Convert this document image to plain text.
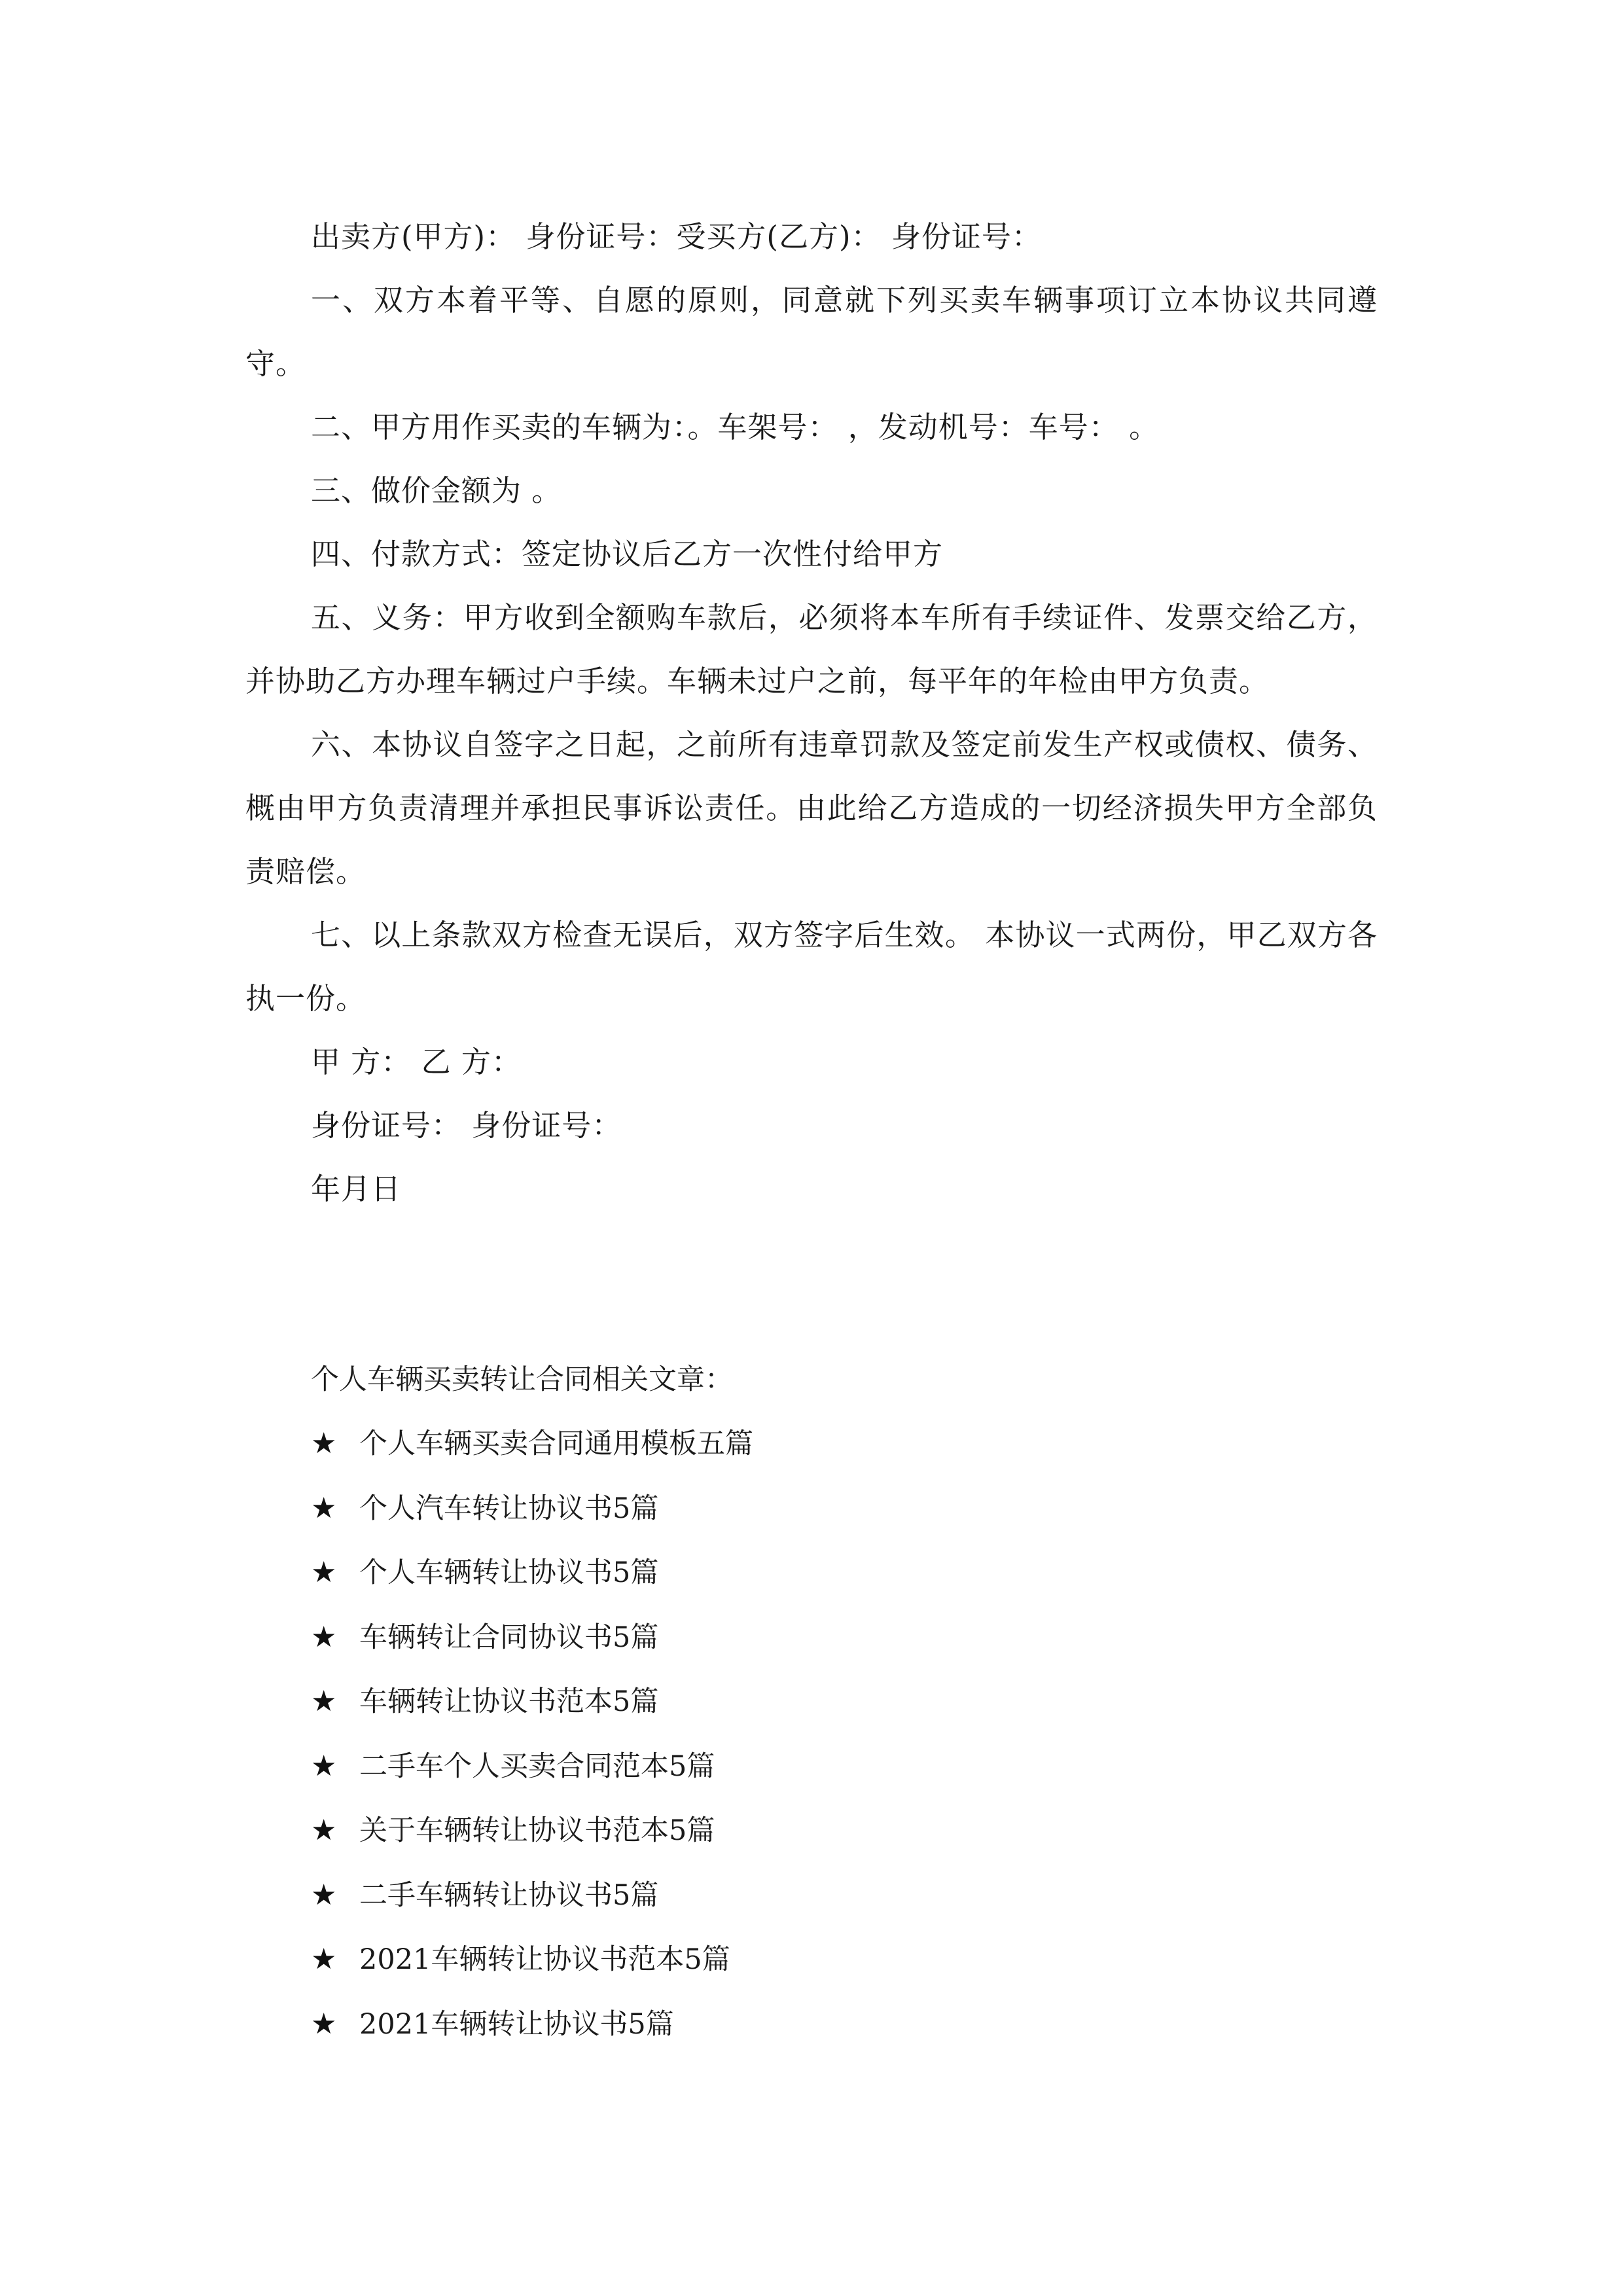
出卖方(甲方)： 身份证号：受买方(乙方)： 身份证号：

一、双方本着平等、自愿的原则，同意就下列买卖车辆事项订立本协议共同遵守。

二、甲方用作买卖的车辆为：。车架号： ，发动机号：车号： 。

三、做价金额为 。

四、付款方式：签定协议后乙方一次性付给甲方

五、义务：甲方收到全额购车款后，必须将本车所有手续证件、发票交给乙方，并协助乙方办理车辆过户手续。车辆未过户之前，每平年的年检由甲方负责。

六、本协议自签字之日起，之前所有违章罚款及签定前发生产权或债权、债务、概由甲方负责清理并承担民事诉讼责任。由此给乙方造成的一切经济损失甲方全部负责赔偿。

七、以上条款双方检查无误后，双方签字后生效。 本协议一式两份，甲乙双方各执一份。

甲 方： 乙 方：

身份证号： 身份证号：

年月日

个人车辆买卖转让合同相关文章：

★ 个人车辆买卖合同通用模板五篇
★ 个人汽车转让协议书5篇
★ 个人车辆转让协议书5篇
★ 车辆转让合同协议书5篇
★ 车辆转让协议书范本5篇
★ 二手车个人买卖合同范本5篇
★ 关于车辆转让协议书范本5篇
★ 二手车辆转让协议书5篇
★ 2021车辆转让协议书范本5篇
★ 2021车辆转让协议书5篇
